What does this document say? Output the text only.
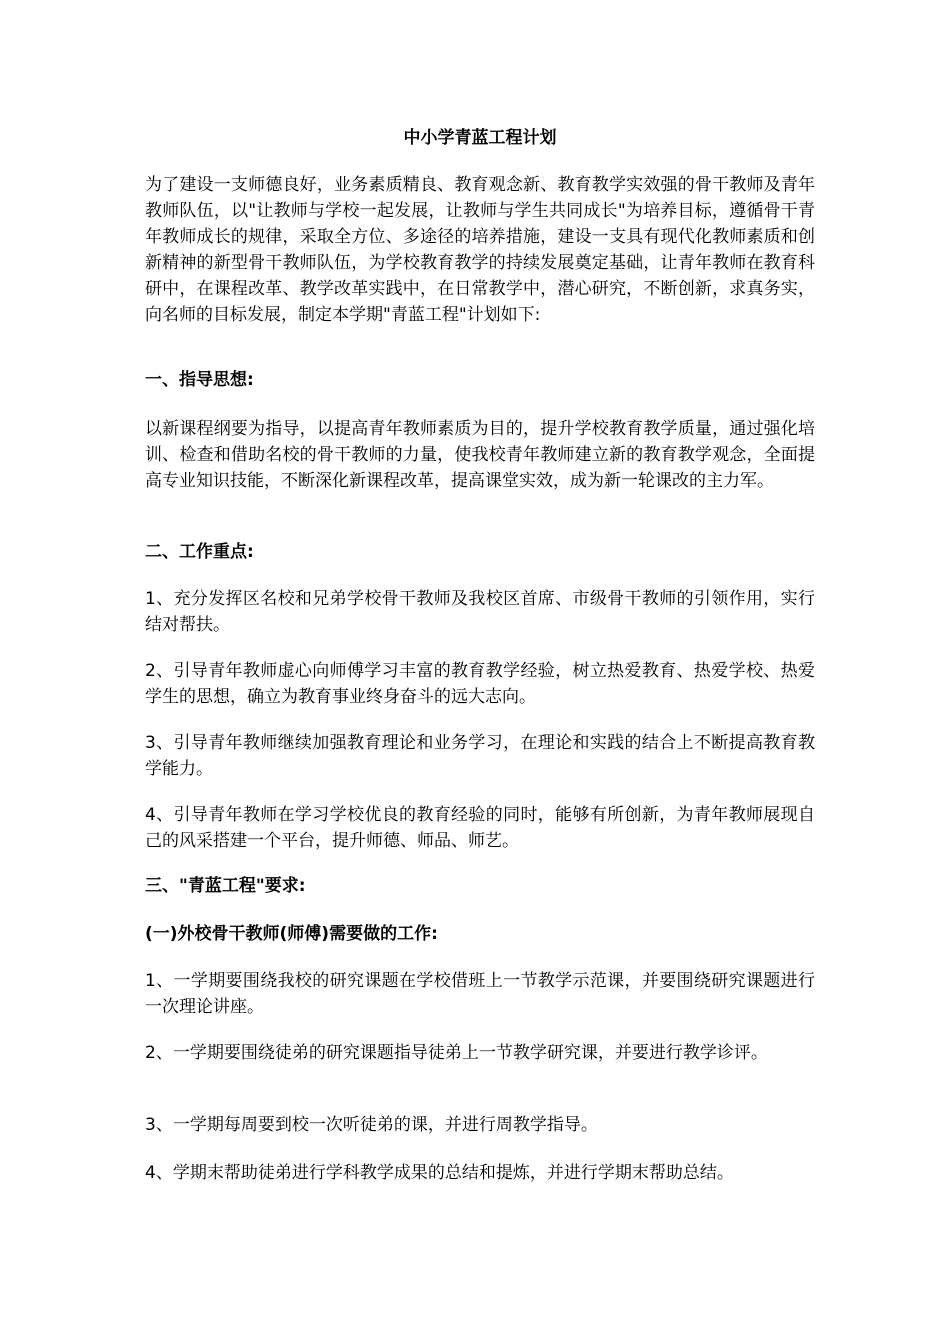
中小学青蓝工程计划

为了建设一支师德良好，业务素质精良、教育观念新、教育教学实效强的骨干教师及青年教师队伍，以"让教师与学校一起发展，让教师与学生共同成长"为培养目标，遵循骨干青年教师成长的规律，采取全方位、多途径的培养措施，建设一支具有现代化教师素质和创新精神的新型骨干教师队伍，为学校教育教学的持续发展奠定基础，让青年教师在教育科研中，在课程改革、教学改革实践中，在日常教学中，潜心研究，不断创新，求真务实，向名师的目标发展，制定本学期"青蓝工程"计划如下:

一、指导思想:

以新课程纲要为指导，以提高青年教师素质为目的，提升学校教育教学质量，通过强化培训、检查和借助名校的骨干教师的力量，使我校青年教师建立新的教育教学观念，全面提高专业知识技能，不断深化新课程改革，提高课堂实效，成为新一轮课改的主力军。

二、工作重点:

1、充分发挥区名校和兄弟学校骨干教师及我校区首席、市级骨干教师的引领作用，实行结对帮扶。

2、引导青年教师虚心向师傅学习丰富的教育教学经验，树立热爱教育、热爱学校、热爱学生的思想，确立为教育事业终身奋斗的远大志向。

3、引导青年教师继续加强教育理论和业务学习，在理论和实践的结合上不断提高教育教学能力。

4、引导青年教师在学习学校优良的教育经验的同时，能够有所创新，为青年教师展现自己的风采搭建一个平台，提升师德、师品、师艺。

三、"青蓝工程"要求:
(一)外校骨干教师(师傅)需要做的工作:

1、一学期要围绕我校的研究课题在学校借班上一节教学示范课，并要围绕研究课题进行一次理论讲座。

2、一学期要围绕徒弟的研究课题指导徒弟上一节教学研究课，并要进行教学诊评。

3、一学期每周要到校一次听徒弟的课，并进行周教学指导。

4、学期末帮助徒弟进行学科教学成果的总结和提炼，并进行学期末帮助总结。
